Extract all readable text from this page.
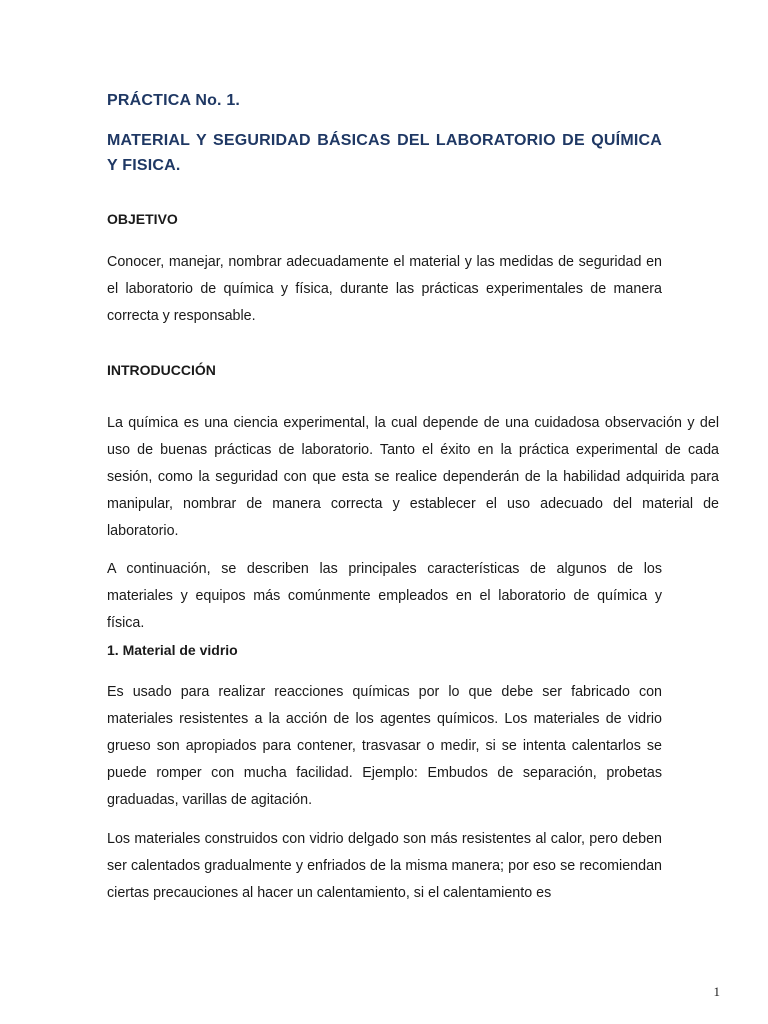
PRÁCTICA No. 1.
MATERIAL Y SEGURIDAD BÁSICAS DEL LABORATORIO DE QUÍMICA Y FISICA.
OBJETIVO

Conocer, manejar, nombrar adecuadamente el material y las medidas de seguridad en el laboratorio de química y física, durante las prácticas experimentales de manera correcta y responsable.

INTRODUCCIÓN

La química es una ciencia experimental, la cual depende de una cuidadosa observación y del uso de buenas prácticas de laboratorio. Tanto el éxito en la práctica experimental de cada sesión, como la seguridad con que esta se realice dependerán de la habilidad adquirida para manipular, nombrar de manera correcta y establecer el uso adecuado del material de laboratorio.

A continuación, se describen las principales características de algunos de los materiales y equipos más comúnmente empleados en el laboratorio de química y física.

1. Material de vidrio

Es usado para realizar reacciones químicas por lo que debe ser fabricado con materiales resistentes a la acción de los agentes químicos. Los materiales de vidrio grueso son apropiados para contener, trasvasar o medir, si se intenta calentarlos se puede romper con mucha facilidad. Ejemplo: Embudos de separación, probetas graduadas, varillas de agitación.

Los materiales construidos con vidrio delgado son más resistentes al calor, pero deben ser calentados gradualmente y enfriados de la misma manera; por eso se recomiendan ciertas precauciones al hacer un calentamiento, si el calentamiento es

1
